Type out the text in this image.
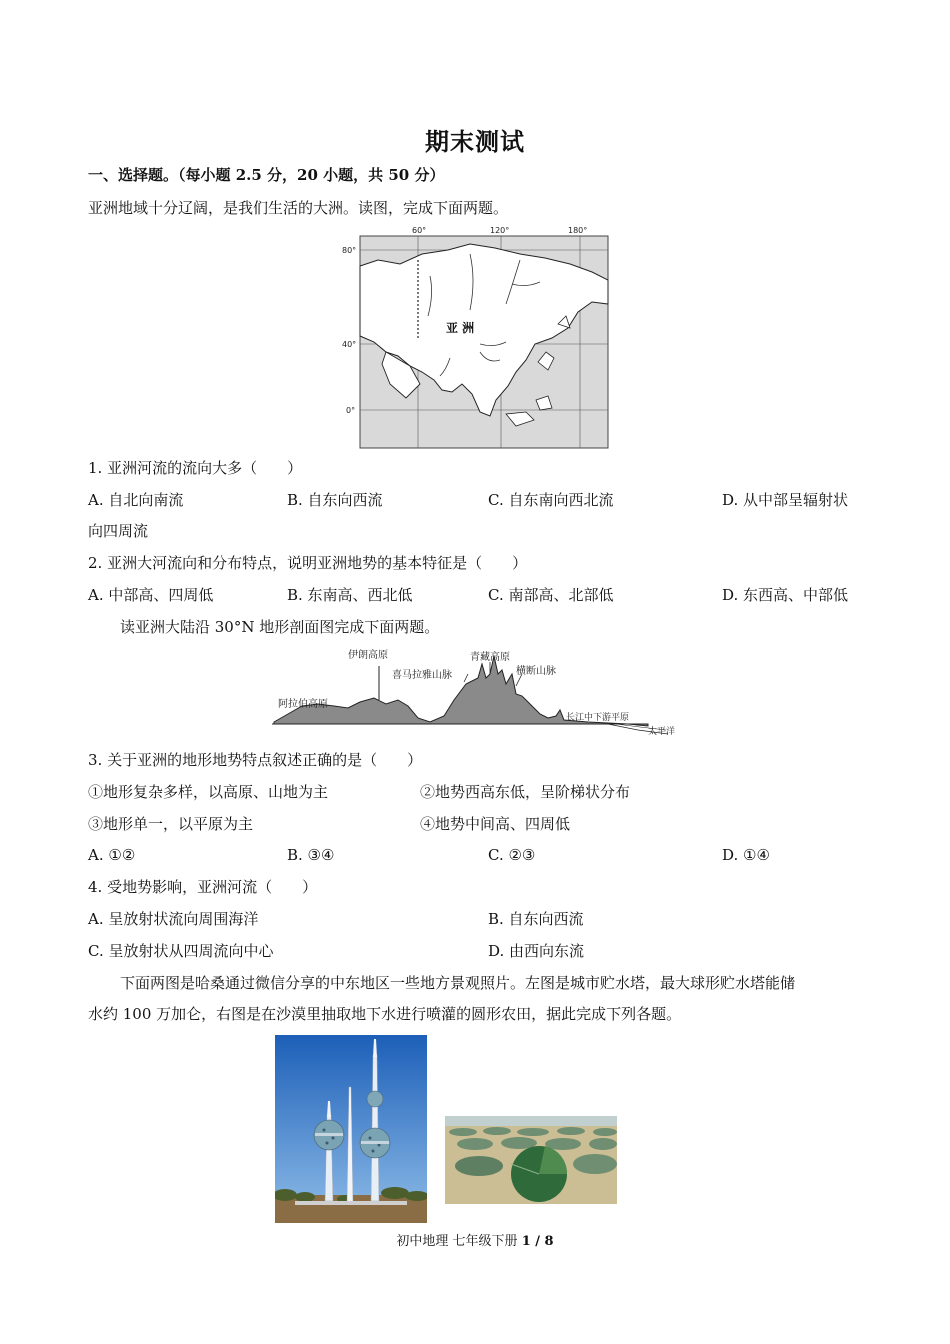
期末测试
一、选择题。（每小题 2.5 分，20 小题，共 50 分）
亚洲地域十分辽阔，是我们生活的大洲。读图，完成下面两题。
亚 洲
60°	120°	180°
80°
40°
0°
1. 亚洲河流的流向大多（　　）
A. 自北向南流	B. 自东向西流	C. 自东南向西北流	D. 从中部呈辐射状
向四周流
2. 亚洲大河流向和分布特点，说明亚洲地势的基本特征是（　　）
A. 中部高、四周低	B. 东南高、西北低	C. 南部高、北部低	D. 东西高、中部低
读亚洲大陆沿 30°N 地形剖面图完成下面两题。
阿拉伯高原
伊朗高原
喜马拉雅山脉
青藏高原
横断山脉
长江中下游平原
太平洋
3. 关于亚洲的地形地势特点叙述正确的是（　　）
①地形复杂多样，以高原、山地为主	②地势西高东低，呈阶梯状分布
③地形单一，以平原为主	④地势中间高、四周低
A. ①②	B. ③④	C. ②③	D. ①④
4. 受地势影响，亚洲河流（　　）
A. 呈放射状流向周围海洋	B. 自东向西流
C. 呈放射状从四周流向中心	D. 由西向东流
下面两图是哈桑通过微信分享的中东地区一些地方景观照片。左图是城市贮水塔，最大球形贮水塔能储
水约 100 万加仑，右图是在沙漠里抽取地下水进行喷灌的圆形农田，据此完成下列各题。
初中地理 七年级下册 1 / 8
